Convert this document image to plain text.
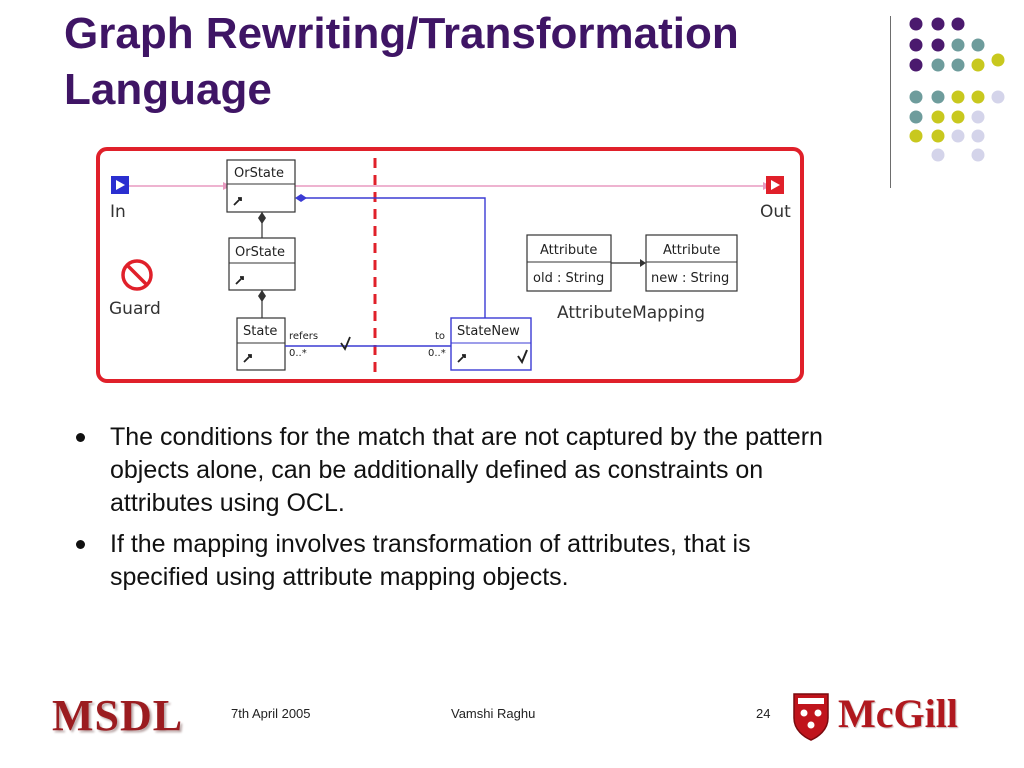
Graph Rewriting/Transformation
Language
In	Out
Guard
OrState
OrState
State	StateNew
refers
0..*
to
0..*
Attribute
old : String
Attribute
new : String
AttributeMapping
The conditions for the match that are not captured by the pattern objects alone, can be additionally defined as constraints on attributes using OCL.
If the mapping involves transformation of attributes, that is specified using attribute mapping objects.
MSDL	7th April 2005	Vamshi Raghu	24 McGill
